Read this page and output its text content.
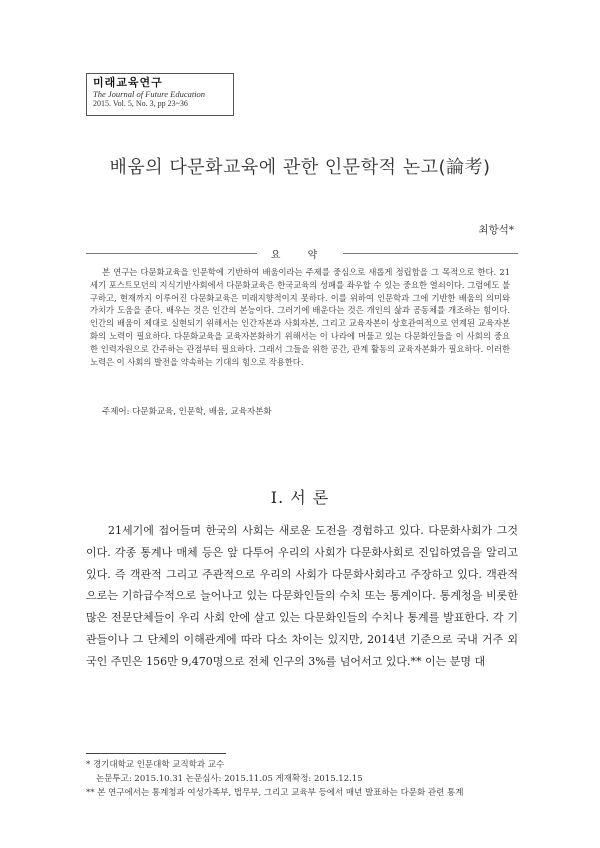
미래교육연구
The Journal of Future Education
2015. Vol. 5, No. 3, pp 23~36
배움의 다문화교육에 관한 인문학적 논고(論考)
최항석*
요 약
본 연구는 다문화교육을 인문학에 기반하여 배움이라는 주제를 중심으로 새롭게 정립함을 그 목적으로 한다. 21세기 포스트모던의 지식기반사회에서 다문화교육은 한국교육의 성패를 좌우할 수 있는 중요한 열쇠이다. 그럼에도 불구하고, 현재까지 이루어진 다문화교육은 미래지향적이지 못하다. 이를 위하여 인문학과 그에 기반한 배움의 의미와 가치가 도움을 준다. 배우는 것은 인간의 본능이다. 그러기에 배운다는 것은 개인의 삶과 공동체를 개조하는 힘이다. 인간의 배움이 제대로 실현되기 위해서는 인간자본과 사회자본, 그리고 교육자본이 상호관여적으로 연계된 교육자본화의 노력이 필요하다. 다문화교육을 교육자본화하기 위해서는 이 나라에 머물고 있는 다문화인들을 이 사회의 중요한 인력자원으로 간주하는 관점부터 필요하다. 그래서 그들을 위한 공간, 관계 활동의 교육자본화가 필요하다. 이러한 노력은 이 사회의 발전을 약속하는 기대의 힘으로 작용한다.
주제어: 다문화교육, 인문학, 배움, 교육자본화
I. 서 론
21세기에 접어들며 한국의 사회는 새로운 도전을 경험하고 있다. 다문화사회가 그것이다. 각종 통계나 매체 등은 앞 다투어 우리의 사회가 다문화사회로 진입하였음을 알리고 있다. 즉 객관적 그리고 주관적으로 우리의 사회가 다문화사회라고 주장하고 있다. 객관적으로는 기하급수적으로 늘어나고 있는 다문화인들의 수치 또는 통계이다. 통계청을 비롯한 많은 전문단체들이 우리 사회 안에 살고 있는 다문화인들의 수치나 통계를 발표한다. 각 기관들이나 그 단체의 이해관계에 따라 다소 차이는 있지만, 2014년 기준으로 국내 거주 외국인 주민은 156만 9,470명으로 전체 인구의 3%를 넘어서고 있다.** 이는 분명 대
* 경기대학교 인문대학 교직학과 교수
논문투고: 2015.10.31 논문심사: 2015.11.05 게재확정: 2015.12.15
** 본 연구에서는 통계청과 여성가족부, 법무부, 그리고 교육부 등에서 매년 발표하는 다문화 관련 통계
